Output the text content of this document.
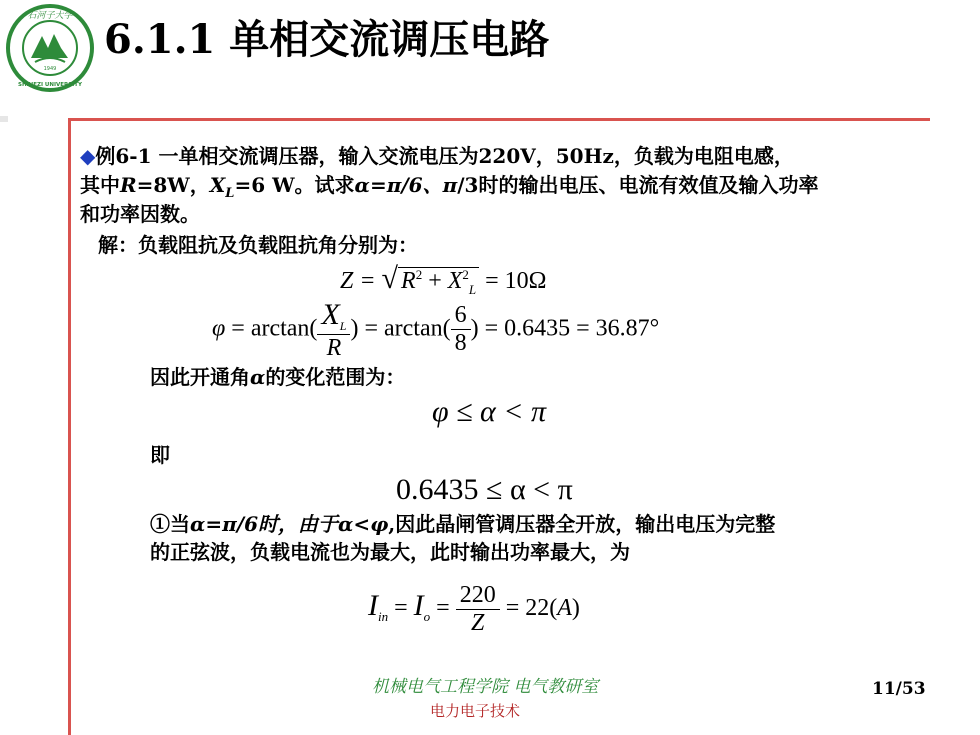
石河子大学
1949
SHIHEZI UNIVERSITY
6.1.1 单相交流调压电路
◆例6-1 一单相交流调压器，输入交流电压为220V，50Hz，负载为电阻电感，
其中R=8W，$X_L=6$ W。试求α=π/6、π/3时的输出电压、电流有效值及输入功率
和功率因数。
解：负载阻抗及负载阻抗角分别为：
Z = √ $R^2 + X^2_L = 10\Omega$
$\varphi = \arctan( \frac{X_L}{R}$ ) = $\arctan( \frac{6}{8}$ ) = 0.6435 = 36.87°
因此开通角α的变化范围为：
φ ≤ α < π
即
0.6435 ≤ α < π
①当α=π/6时，由于α<φ,因此晶闸管调压器全开放，输出电压为完整
的正弦波，负载电流也为最大，此时输出功率最大，为
$I_{in} = I_o = \frac{220}{Z} = 22(A)$
机械电气工程学院 电气教研室
电力电子技术
11/53
